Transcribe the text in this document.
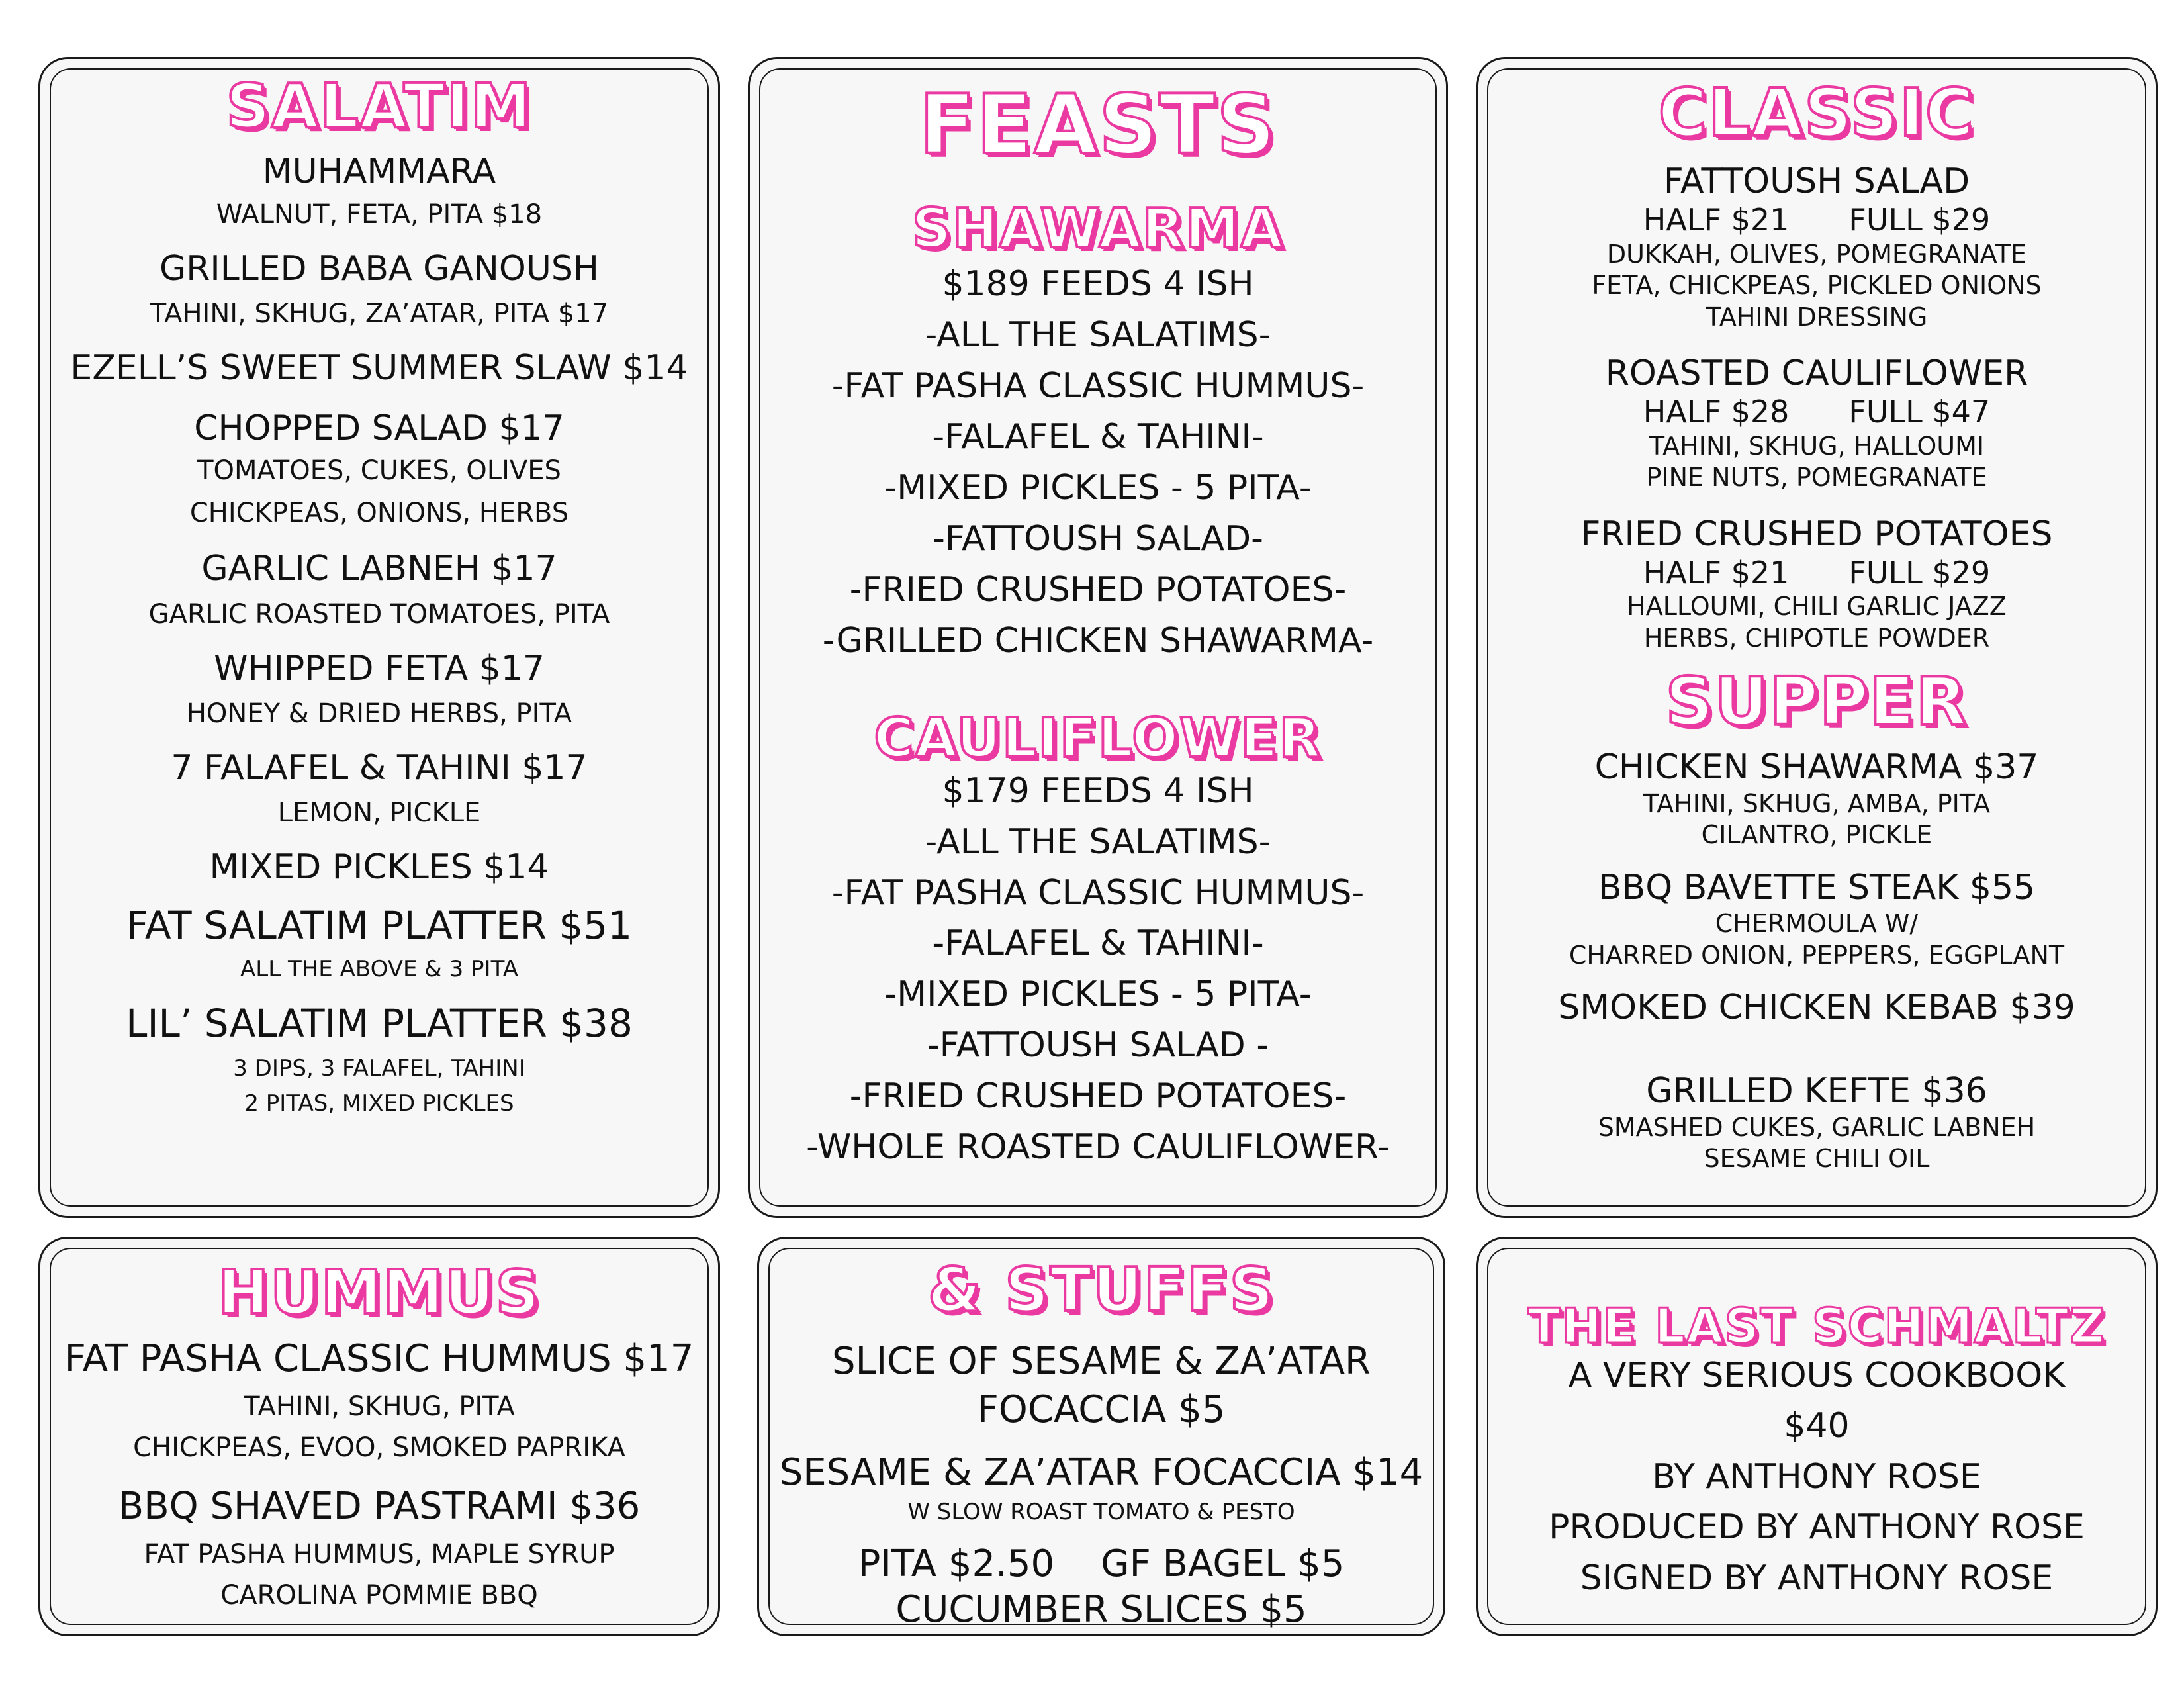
SALATIM
MUHAMMARA
WALNUT, FETA, PITA $18
GRILLED BABA GANOUSH
TAHINI, SKHUG, ZA’ATAR, PITA $17
EZELL’S SWEET SUMMER SLAW $14
CHOPPED SALAD $17
TOMATOES, CUKES, OLIVES
CHICKPEAS, ONIONS, HERBS
GARLIC LABNEH $17
GARLIC ROASTED TOMATOES, PITA
WHIPPED FETA $17
HONEY & DRIED HERBS, PITA
7 FALAFEL & TAHINI $17
LEMON, PICKLE
MIXED PICKLES $14
FAT SALATIM PLATTER $51
ALL THE ABOVE & 3 PITA
LIL’ SALATIM PLATTER $38
3 DIPS, 3 FALAFEL, TAHINI
2 PITAS, MIXED PICKLES
FEASTS
SHAWARMA
$189 FEEDS 4 ISH
-ALL THE SALATIMS-
-FAT PASHA CLASSIC HUMMUS-
-FALAFEL & TAHINI-
-MIXED PICKLES - 5 PITA-
-FATTOUSH SALAD-
-FRIED CRUSHED POTATOES-
-GRILLED CHICKEN SHAWARMA-
CAULIFLOWER
$179 FEEDS 4 ISH
-ALL THE SALATIMS-
-FAT PASHA CLASSIC HUMMUS-
-FALAFEL & TAHINI-
-MIXED PICKLES - 5 PITA-
-FATTOUSH SALAD -
-FRIED CRUSHED POTATOES-
-WHOLE ROASTED CAULIFLOWER-
CLASSIC
FATTOUSH SALAD
HALF $21 FULL $29
DUKKAH, OLIVES, POMEGRANATE
FETA, CHICKPEAS, PICKLED ONIONS
TAHINI DRESSING
ROASTED CAULIFLOWER
HALF $28 FULL $47
TAHINI, SKHUG, HALLOUMI
PINE NUTS, POMEGRANATE
FRIED CRUSHED POTATOES
HALF $21 FULL $29
HALLOUMI, CHILI GARLIC JAZZ
HERBS, CHIPOTLE POWDER
SUPPER
CHICKEN SHAWARMA $37
TAHINI, SKHUG, AMBA, PITA
CILANTRO, PICKLE
BBQ BAVETTE STEAK $55
CHERMOULA W/
CHARRED ONION, PEPPERS, EGGPLANT
SMOKED CHICKEN KEBAB $39
GRILLED KEFTE $36
SMASHED CUKES, GARLIC LABNEH
SESAME CHILI OIL
HUMMUS
FAT PASHA CLASSIC HUMMUS $17
TAHINI, SKHUG, PITA
CHICKPEAS, EVOO, SMOKED PAPRIKA
BBQ SHAVED PASTRAMI $36
FAT PASHA HUMMUS, MAPLE SYRUP
CAROLINA POMMIE BBQ
& STUFFS
SLICE OF SESAME & ZA’ATAR
FOCACCIA $5
SESAME & ZA’ATAR FOCACCIA $14
W SLOW ROAST TOMATO & PESTO
PITA $2.50 GF BAGEL $5
CUCUMBER SLICES $5
THE LAST SCHMALTZ
A VERY SERIOUS COOKBOOK
$40
BY ANTHONY ROSE
PRODUCED BY ANTHONY ROSE
SIGNED BY ANTHONY ROSE
